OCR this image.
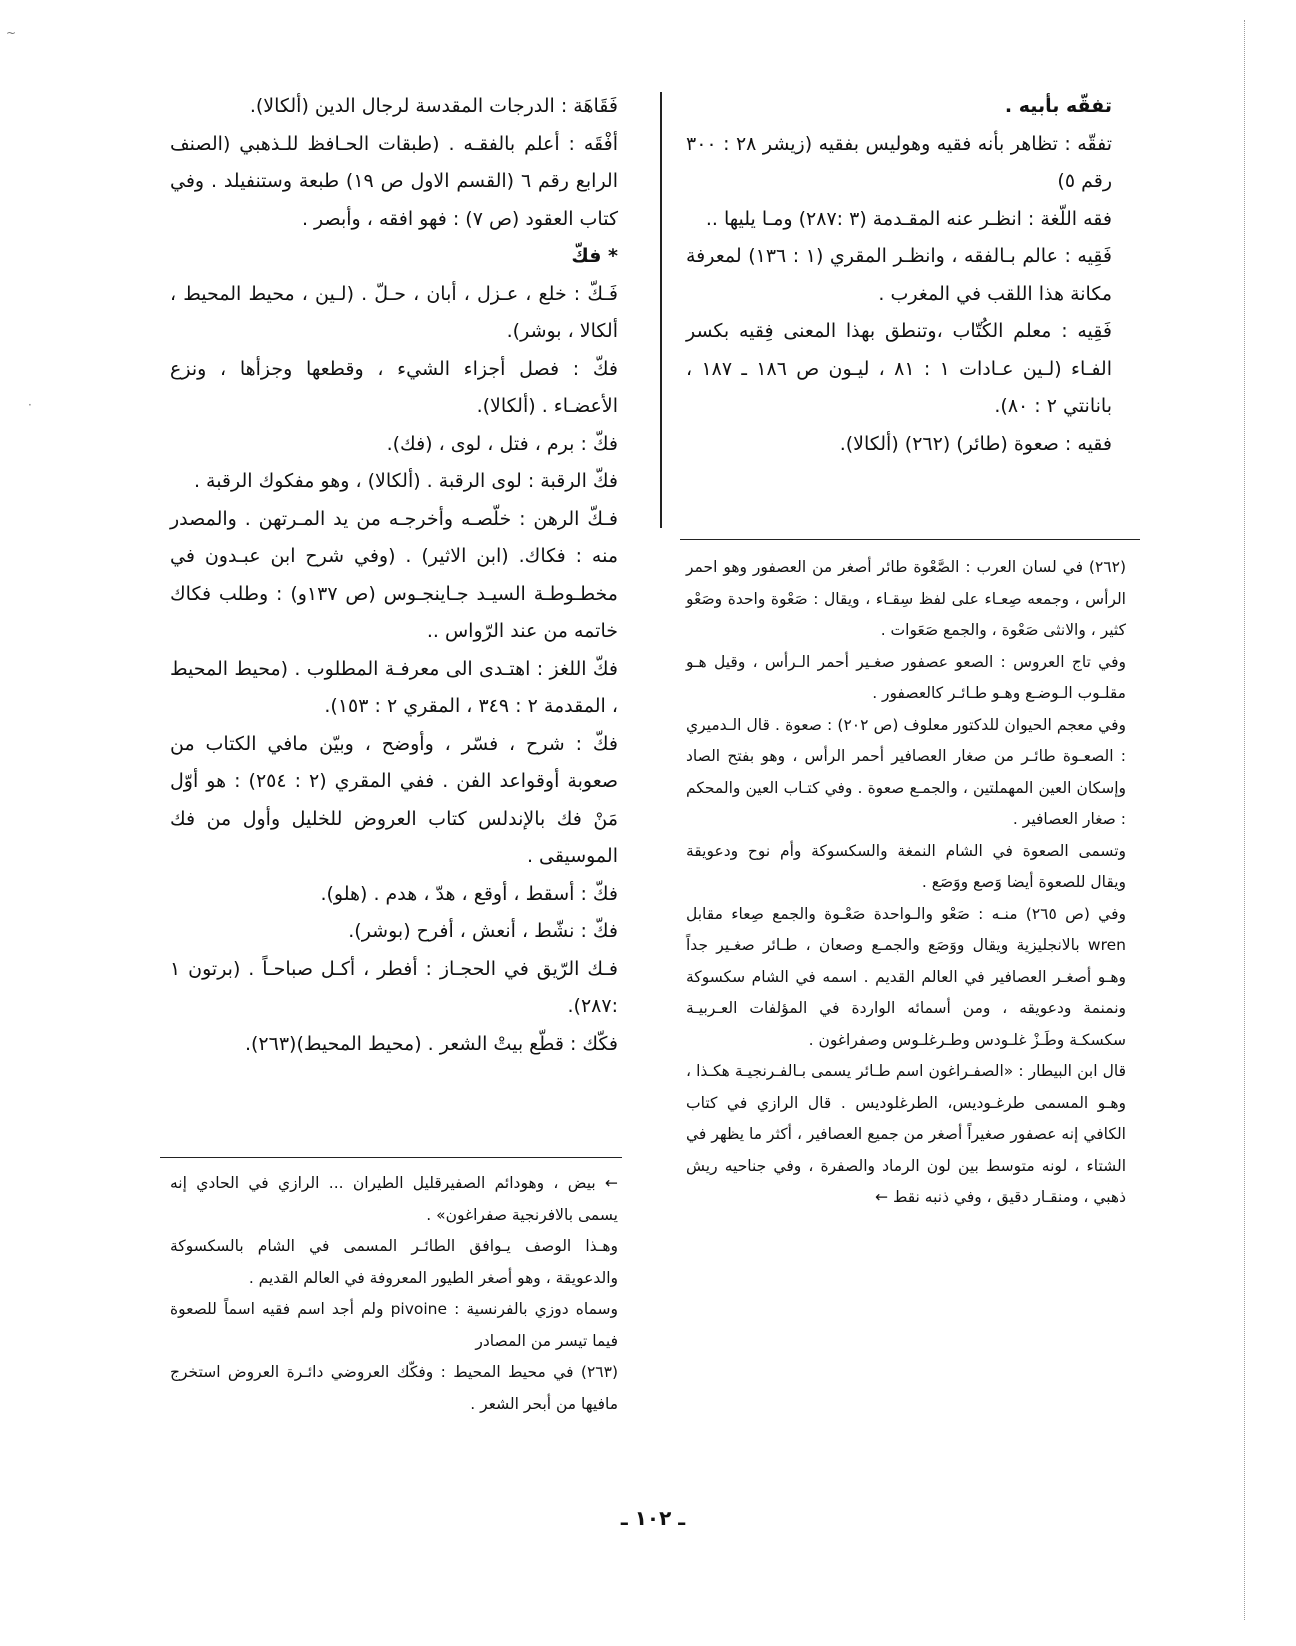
~
·

تفقّه بأبيه .

تفقّه : تظاهر بأنه فقيه وهوليس بفقيه (زيشر ٢٨ : ٣٠٠ رقم ٥)

فقه اللّغة : انظـر عنه المقـدمة (٣ :٢٨٧) ومـا يليها ..

فَقِيه : عالم بـالفقه ، وانظـر المقري (١ : ١٣٦) لمعرفة مكانة هذا اللقب في المغرب .

فَقِيه : معلم الكُتّاب ،وتنطق بهذا المعنى فِقيه بكسر الفـاء (لـين عـادات ١ : ٨١ ، ليـون ص ١٨٦ ـ ١٨٧ ، بانانتي ٢ : ٨٠).

فقيه : صعوة (طائر) (٢٦٢) (ألكالا).

فَقَاهَة : الدرجات المقدسة لرجال الدين (ألكالا).

أفْقَه : أعلم بالفقـه . (طبقات الحـافظ للـذهبي (الصنف الرابع رقم ٦ (القسم الاول ص ١٩) طبعة وستنفيلد . وفي كتاب العقود (ص ٧) : فهو افقه ، وأبصر .

* فكّ

فَـكّ : خلع ، عـزل ، أبان ، حـلّ . (لـين ، محيط المحيط ، ألكالا ، بوشر).

فكّ : فصل أجزاء الشيء ، وقطعها وجزأها ، ونزع الأعضـاء . (ألكالا).

فكّ : برم ، فتل ، لوى ، (فك).

فكّ الرقبة : لوى الرقبة . (ألكالا) ، وهو مفكوك الرقبة .

فـكّ الرهن : خلّصـه وأخرجـه من يد المـرتهن . والمصدر منه : فكاك. (ابن الاثير) . (وفي شرح ابن عبـدون في مخطـوطـة السيـد جـاينجـوس (ص ١٣٧و) : وطلب فكاك خاتمه من عند الرّواس ..

فكّ اللغز : اهتـدى الى معرفـة المطلوب . (محيط المحيط ، المقدمة ٢ : ٣٤٩ ، المقري ٢ : ١٥٣).

فكّ : شرح ، فسّر ، وأوضح ، وبيّن مافي الكتاب من صعوبة أوقواعد الفن . ففي المقري (٢ : ٢٥٤) : هو أوّل مَنْ فك بالإندلس كتاب العروض للخليل وأول من فك الموسيقى .

فكّ : أسقط ، أوقع ، هدّ ، هدم . (هلو).

فكّ : نشّط ، أنعش ، أفرح (بوشر).

فـك الرّيق في الحجـاز : أفطر ، أكـل صباحـاً . (برتون ١ :٢٨٧).

فكّك : قطّع بيتْ الشعر . (محيط المحيط)(٢٦٣).

(٢٦٢) في لسان العرب : الصَّعْوة طائر أصغر من العصفور وهو احمر الرأس ، وجمعه صِعـاء على لفظ سِقـاء ، ويقال : صَعْوة واحدة وصَعْو كثير ، والانثى صَعْوة ، والجمع صَعَوات .

وفي تاج العروس : الصعو عصفور صغـير أحمر الـرأس ، وقيل هـو مقلـوب الـوضـع وهـو طـائـر كالعصفور .

وفي معجم الحيوان للدكتور معلوف (ص ٢٠٢) : صعوة . قال الـدميري : الصعـوة طائـر من صغار العصافير أحمر الرأس ، وهو بفتح الصاد وإسكان العين المهملتين ، والجمـع صعوة . وفي كتـاب العين والمحكم : صغار العصافير .

وتسمى الصعوة في الشام النمغة والسكسوكة وأم نوح ودعويقة ويقال للصعوة أيضا وَصع ووَصَع .

وفي (ص ٢٦٥) منـه : صَعْو والـواحدة صَعْـوة والجمع صِعاء مقابل wren بالانجليزية ويقال ووَصَع والجمـع وصعان ، طـائر صغـير جداً وهـو أصغـر العصافير في العالم القديم . اسمه في الشام سكسوكة ونمنمة ودعويقه ، ومن أسمائه الواردة في المؤلفات العـربيـة سكسكـة وطَـزْ غلـودس وطـرغلـوس وصفراغون .

قال ابن البيطار : «الصفـراغون اسم طـائر يسمى بـالفـرنجيـة هكـذا ، وهـو المسمى طرغـوديس، الطرغلوديس . قال الرازي في كتاب الكافي إنه عصفور صغيراً أصغر من جميع العصافير ، أكثر ما يظهر في الشتاء ، لونه متوسط بين لون الرماد والصفرة ، وفي جناحيه ريش ذهبي ، ومنقـار دقيق ، وفي ذنبه نقط ←

← بيض ، وهودائم الصفيرقليل الطيران ... الرازي في الحادي إنه يسمى بالافرنجية صفراغون» .

وهـذا الوصف يـوافق الطائـر المسمى في الشام بالسكسوكة والدعويقة ، وهو أصغر الطيور المعروفة في العالم القديم .

وسماه دوزي بالفرنسية : pivoine ولم أجد اسم فقيه اسماً للصعوة فيما تيسر من المصادر

(٢٦٣) في محيط المحيط : وفكّك العروضي دائـرة العروض استخرج مافيها من أبحر الشعر .

ـ ١٠٢ ـ
